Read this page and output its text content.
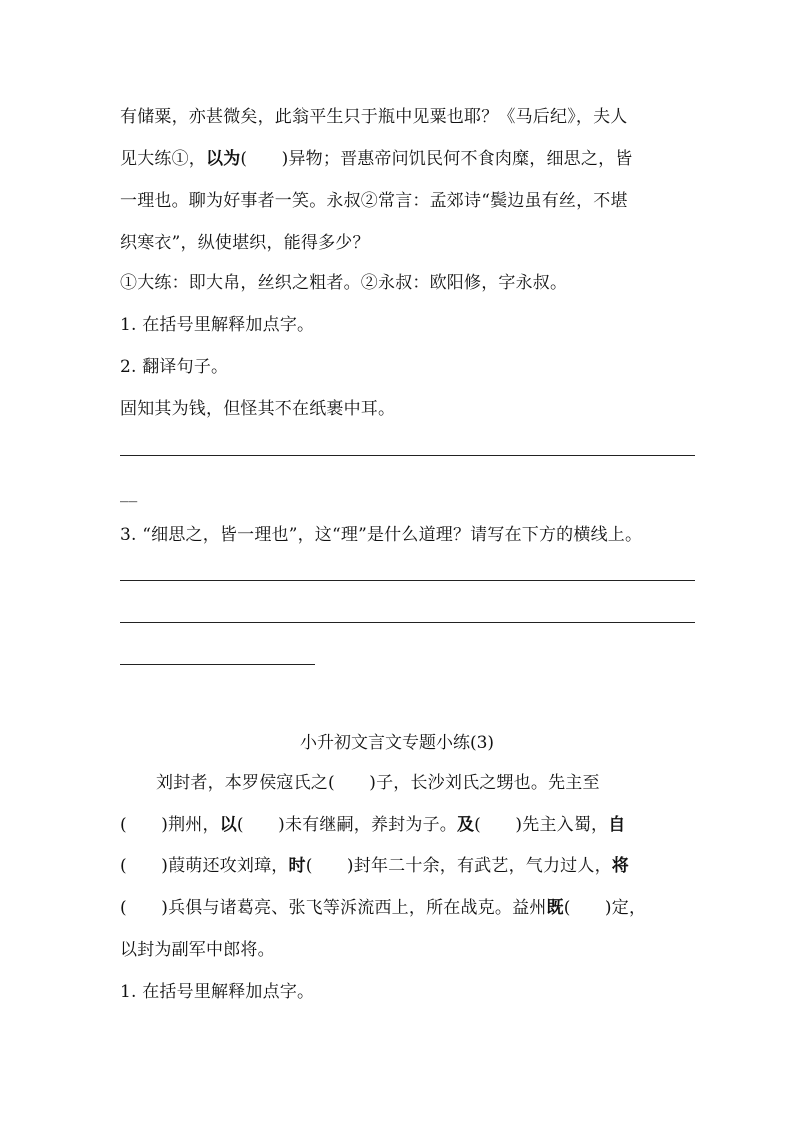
有储粟，亦甚微矣，此翁平生只于瓶中见粟也耶？《马后纪》，夫人
见大练①，以为(　　)异物；晋惠帝问饥民何不食肉糜，细思之，皆
一理也。聊为好事者一笑。永叔②常言：孟郊诗“鬓边虽有丝，不堪
织寒衣”，纵使堪织，能得多少？
①大练：即大帛，丝织之粗者。②永叔：欧阳修，字永叔。
1. 在括号里解释加点字。
2. 翻译句子。
固知其为钱，但怪其不在纸裹中耳。
__
3. “细思之，皆一理也”，这“理”是什么道理？请写在下方的横线上。
小升初文言文专题小练(3)
刘封者，本罗侯寇氏之(　　)子，长沙刘氏之甥也。先主至
(　　)荆州，以(　　)未有继嗣，养封为子。及(　　)先主入蜀，自
(　　)葭萌还攻刘璋，时(　　)封年二十余，有武艺，气力过人，将
(　　)兵俱与诸葛亮、张飞等泝流西上，所在战克。益州既(　　)定，
以封为副军中郎将。
1. 在括号里解释加点字。
